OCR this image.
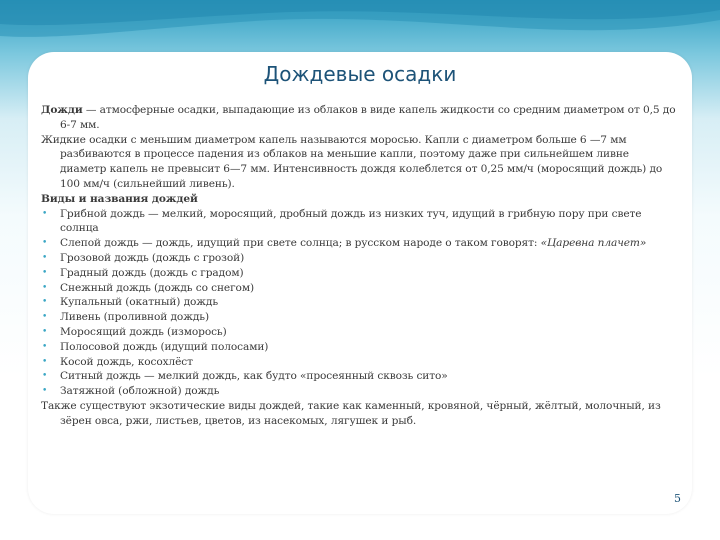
Дождевые осадки

Дожди — атмосферные осадки, выпадающие из облаков в виде капель жидкости со средним диаметром от 0,5 до 6-7 мм.

Жидкие осадки с меньшим диаметром капель называются моросью. Капли с диаметром больше 6 —7 мм разбиваются в процессе падения из облаков на меньшие капли, поэтому даже при сильнейшем ливне диаметр капель не превысит 6—7 мм. Интенсивность дождя колеблется от 0,25 мм/ч (моросящий дождь) до 100 мм/ч (сильнейший ливень).

Виды и названия дождей

• Грибной дождь — мелкий, моросящий, дробный дождь из низких туч, идущий в грибную пору при свете солнца
• Слепой дождь — дождь, идущий при свете солнца; в русском народе о таком говорят: «Царевна плачет»
• Грозовой дождь (дождь с грозой)
• Градный дождь (дождь с градом)
• Снежный дождь (дождь со снегом)
• Купальный (окатный) дождь
• Ливень (проливной дождь)
• Моросящий дождь (изморось)
• Полосовой дождь (идущий полосами)
• Косой дождь, косохлёст
• Ситный дождь — мелкий дождь, как будто «просеянный сквозь сито»
• Затяжной (обложной) дождь

Также существуют экзотические виды дождей, такие как каменный, кровяной, чёрный, жёлтый, молочный, из зёрен овса, ржи, листьев, цветов, из насекомых, лягушек и рыб.

5
